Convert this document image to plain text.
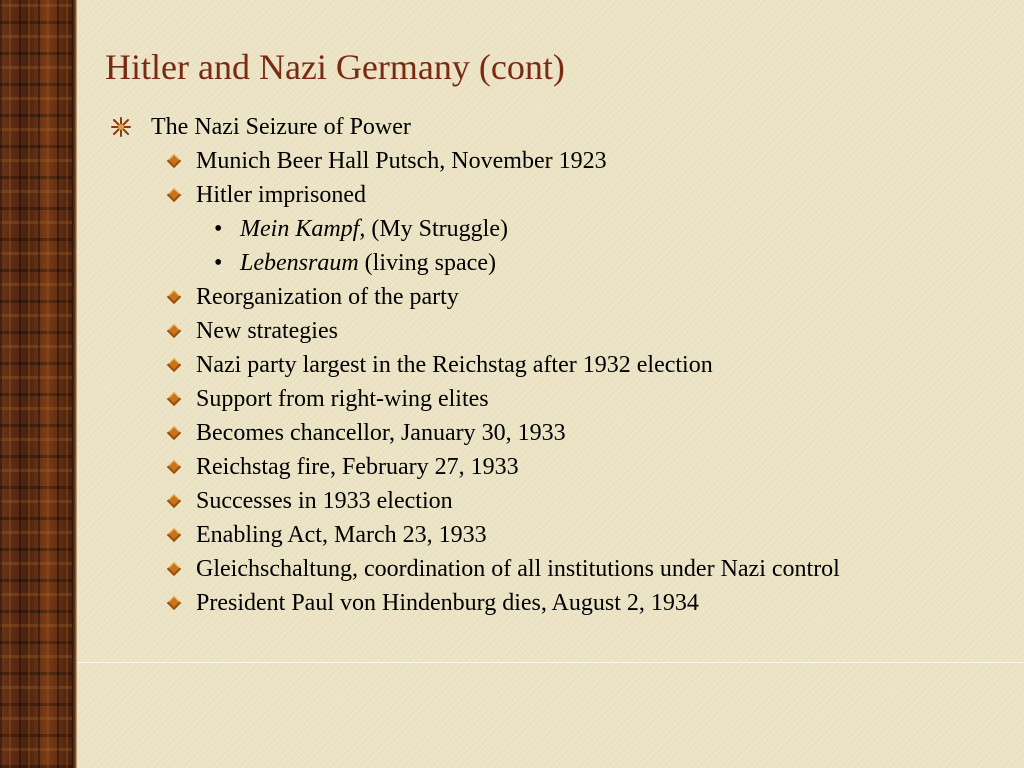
Hitler and Nazi Germany (cont)
The Nazi Seizure of Power
Munich Beer Hall Putsch, November 1923
Hitler imprisoned
• Mein Kampf, (My Struggle)
• Lebensraum (living space)
Reorganization of the party
New strategies
Nazi party largest in the Reichstag after 1932 election
Support from right-wing elites
Becomes chancellor, January 30, 1933
Reichstag fire, February 27, 1933
Successes in 1933 election
Enabling Act, March 23, 1933
Gleichschaltung, coordination of all institutions under Nazi control
President Paul von Hindenburg dies, August 2, 1934
